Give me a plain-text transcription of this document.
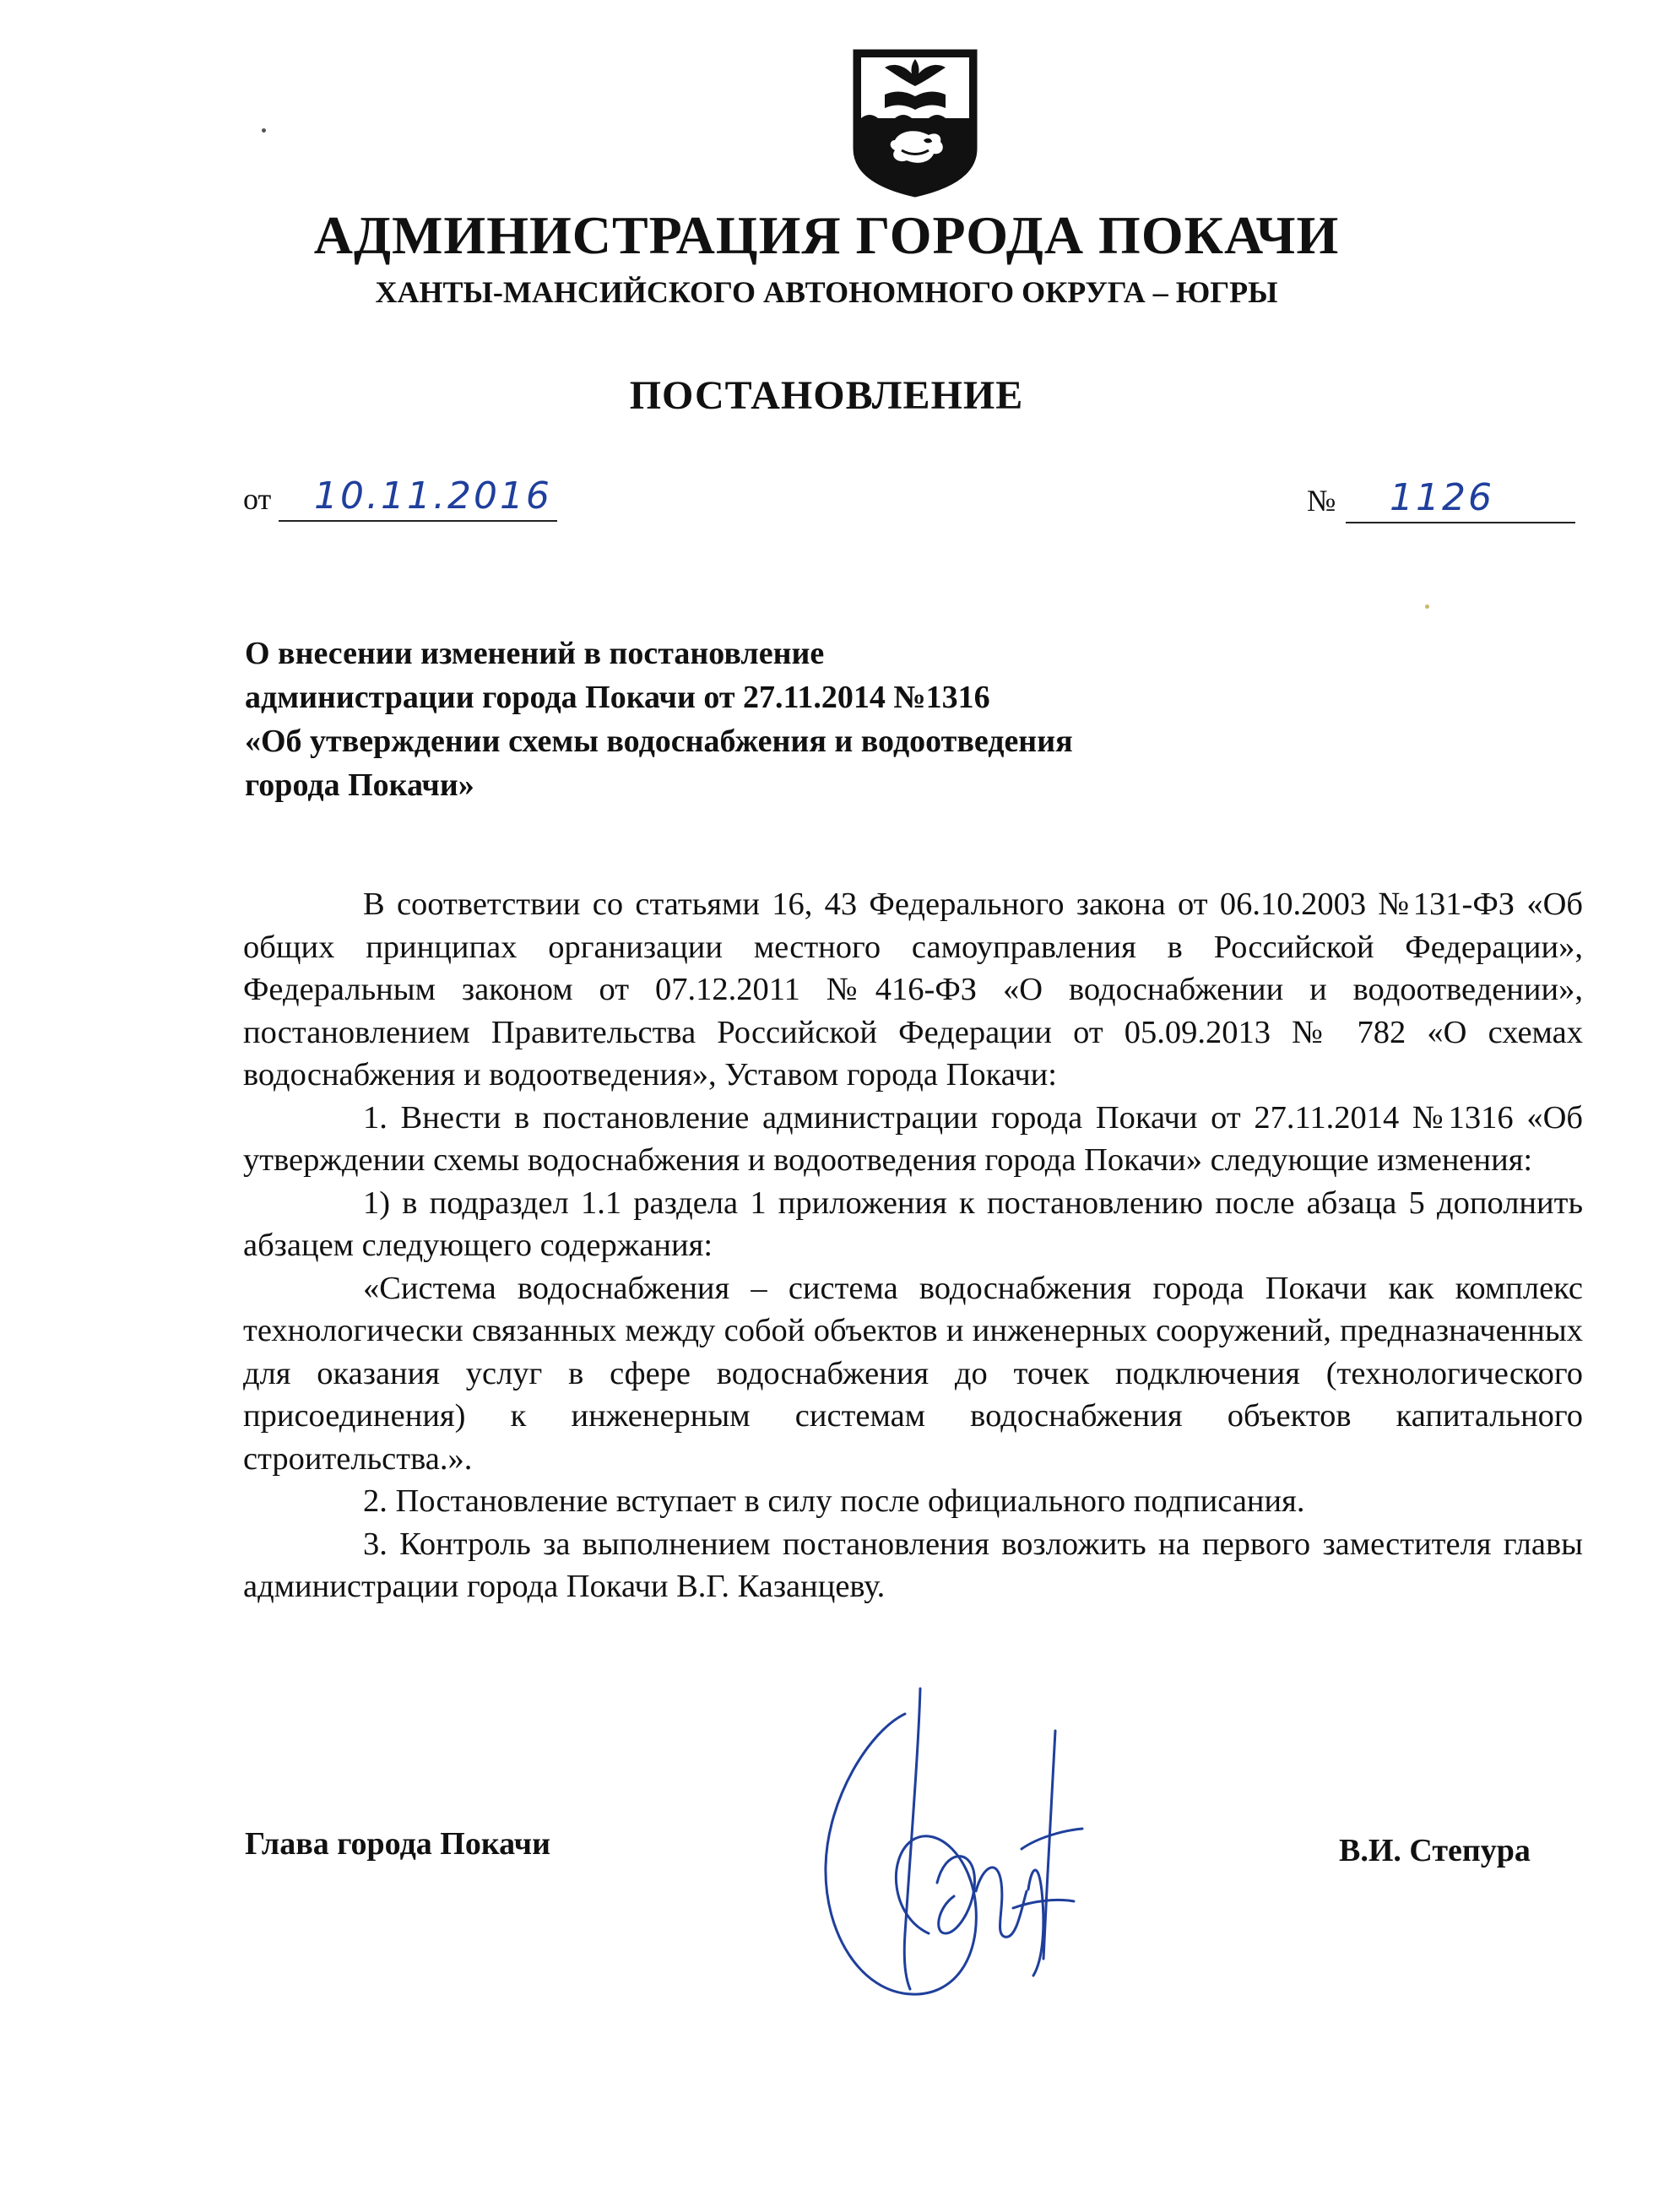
АДМИНИСТРАЦИЯ ГОРОДА ПОКАЧИ
ХАНТЫ-МАНСИЙСКОГО АВТОНОМНОГО ОКРУГА – ЮГРЫ
ПОСТАНОВЛЕНИЕ
от 10.11.2016	№ 1126
О внесении изменений в постановление
администрации города Покачи от 27.11.2014 №1316
«Об утверждении схемы водоснабжения и водоотведения
города Покачи»

В соответствии со статьями 16, 43 Федерального закона от 06.10.2003 №131-ФЗ «Об общих принципах организации местного самоуправления в Российской Федерации», Федеральным законом от 07.12.2011 №416-ФЗ «О водоснабжении и водоотведении», постановлением Правительства Российской Федерации от 05.09.2013 № 782 «О схемах водоснабжения и водоотведения», Уставом города Покачи:

1. Внести в постановление администрации города Покачи от 27.11.2014 №1316 «Об утверждении схемы водоснабжения и водоотведения города Покачи» следующие изменения:

1) в подраздел 1.1 раздела 1 приложения к постановлению после абзаца 5 дополнить абзацем следующего содержания:

«Система водоснабжения – система водоснабжения города Покачи как комплекс технологически связанных между собой объектов и инженерных сооружений, предназначенных для оказания услуг в сфере водоснабжения до точек подключения (технологического присоединения) к инженерным системам водоснабжения объектов капитального строительства.».

2. Постановление вступает в силу после официального подписания.

3. Контроль за выполнением постановления возложить на первого заместителя главы администрации города Покачи В.Г. Казанцеву.

Глава города Покачи	В.И. Степура
